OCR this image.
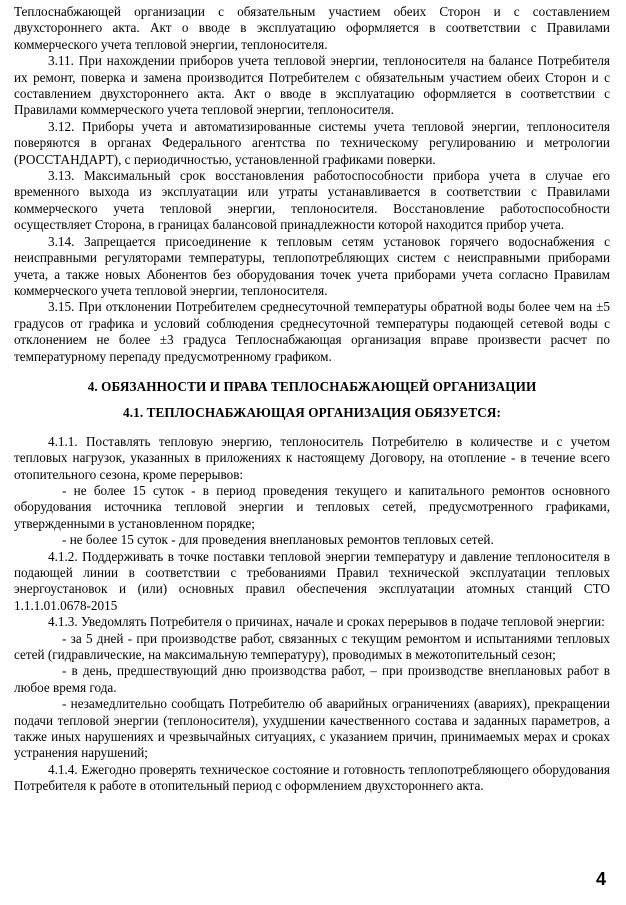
Теплоснабжающей организации с обязательным участием обеих Сторон и с составлением двухстороннего акта. Акт о вводе в эксплуатацию оформляется в соответствии с Правилами коммерческого учета тепловой энергии, теплоносителя.

3.11. При нахождении приборов учета тепловой энергии, теплоносителя на балансе Потребителя их ремонт, поверка и замена производится Потребителем с обязательным участием обеих Сторон и с составлением двухстороннего акта. Акт о вводе в эксплуатацию оформляется в соответствии с Правилами коммерческого учета тепловой энергии, теплоносителя.

3.12. Приборы учета и автоматизированные системы учета тепловой энергии, теплоносителя поверяются в органах Федерального агентства по техническому регулированию и метрологии (РОССТАНДАРТ), с периодичностью, установленной графиками поверки.

3.13. Максимальный срок восстановления работоспособности прибора учета в случае его временного выхода из эксплуатации или утраты устанавливается в соответствии с Правилами коммерческого учета тепловой энергии, теплоносителя. Восстановление работоспособности осуществляет Сторона, в границах балансовой принадлежности которой находится прибор учета.

3.14. Запрещается присоединение к тепловым сетям установок горячего водоснабжения с неисправными регуляторами температуры, теплопотребляющих систем с неисправными приборами учета, а также новых Абонентов без оборудования точек учета приборами учета согласно Правилам коммерческого учета тепловой энергии, теплоносителя.

3.15. При отклонении Потребителем среднесуточной температуры обратной воды более чем на ±5 градусов от графика и условий соблюдения среднесуточной температуры подающей сетевой воды с отклонением не более ±3 градуса Теплоснабжающая организация вправе произвести расчет по температурному перепаду предусмотренному графиком.

4. ОБЯЗАННОСТИ И ПРАВА ТЕПЛОСНАБЖАЮЩЕЙ ОРГАНИЗАЦИИ

4.1. ТЕПЛОСНАБЖАЮЩАЯ ОРГАНИЗАЦИЯ ОБЯЗУЕТСЯ:

4.1.1. Поставлять тепловую энергию, теплоноситель Потребителю в количестве и с учетом тепловых нагрузок, указанных в приложениях к настоящему Договору, на отопление - в течение всего отопительного сезона, кроме перерывов:

- не более 15 суток - в период проведения текущего и капитального ремонтов основного оборудования источника тепловой энергии и тепловых сетей, предусмотренного графиками, утвержденными в установленном порядке;

- не более 15 суток - для проведения внеплановых ремонтов тепловых сетей.

4.1.2. Поддерживать в точке поставки тепловой энергии температуру и давление теплоносителя в подающей линии в соответствии с требованиями Правил технической эксплуатации тепловых энергоустановок и (или) основных правил обеспечения эксплуатации атомных станций СТО 1.1.1.01.0678-2015

4.1.3. Уведомлять Потребителя о причинах, начале и сроках перерывов в подаче тепловой энергии:

- за 5 дней - при производстве работ, связанных с текущим ремонтом и испытаниями тепловых сетей (гидравлические, на максимальную температуру), проводимых в межотопительный сезон;

- в день, предшествующий дню производства работ, – при производстве внеплановых работ в любое время года.

- незамедлительно сообщать Потребителю об аварийных ограничениях (авариях), прекращении подачи тепловой энергии (теплоносителя), ухудшении качественного состава и заданных параметров, а также иных нарушениях и чрезвычайных ситуациях, с указанием причин, принимаемых мерах и сроках устранения нарушений;

4.1.4. Ежегодно проверять техническое состояние и готовность теплопотребляющего оборудования Потребителя к работе в отопительный период с оформлением двухстороннего акта.

4
